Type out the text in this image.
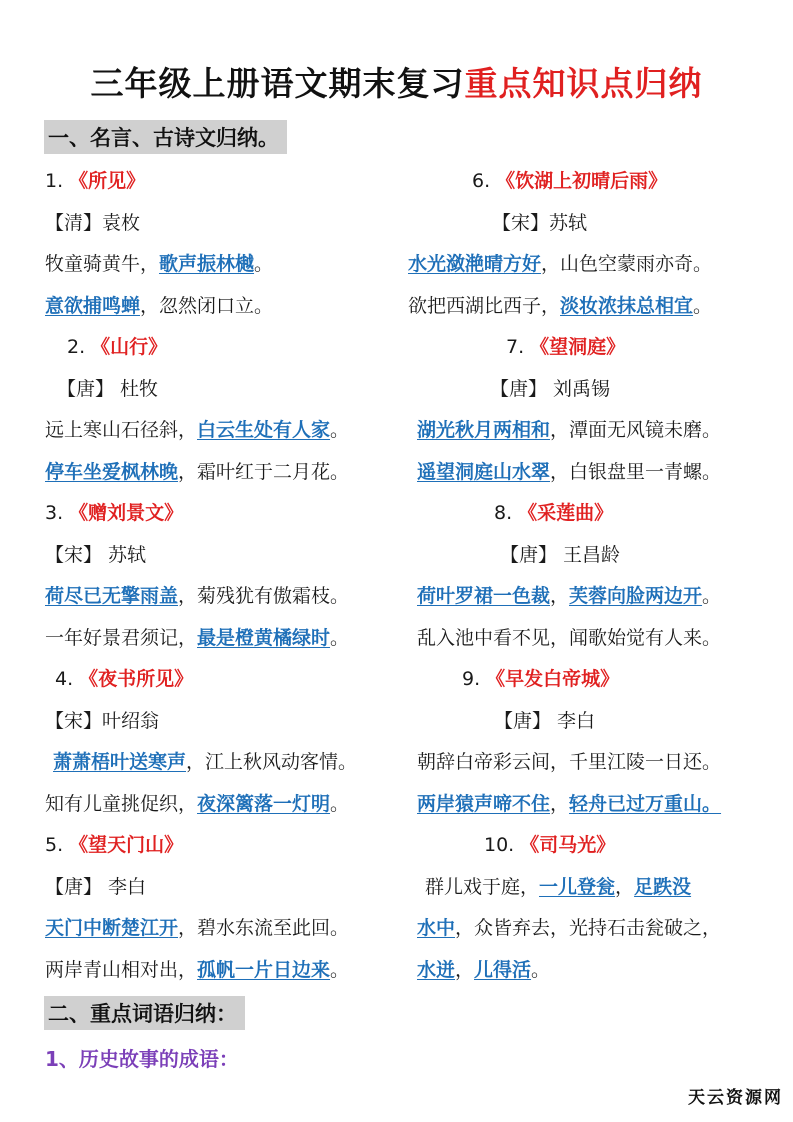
三年级上册语文期末复习重点知识点归纳
一、名言、古诗文归纳。
1. 《所见》
【清】袁枚
牧童骑黄牛，歌声振林樾。
意欲捕鸣蝉，忽然闭口立。
2. 《山行》
【唐】 杜牧
远上寒山石径斜，白云生处有人家。
停车坐爱枫林晚，霜叶红于二月花。
3. 《赠刘景文》
【宋】 苏轼
荷尽已无擎雨盖，菊残犹有傲霜枝。
一年好景君须记，最是橙黄橘绿时。
4. 《夜书所见》
【宋】叶绍翁
萧萧梧叶送寒声，江上秋风动客情。
知有儿童挑促织，夜深篱落一灯明。
5. 《望天门山》
【唐】 李白
天门中断楚江开，碧水东流至此回。
两岸青山相对出，孤帆一片日边来。
6. 《饮湖上初晴后雨》
【宋】苏轼
水光潋滟晴方好，山色空蒙雨亦奇。
欲把西湖比西子，淡妆浓抹总相宜。
7. 《望洞庭》
【唐】 刘禹锡
湖光秋月两相和，潭面无风镜未磨。
遥望洞庭山水翠，白银盘里一青螺。
8. 《采莲曲》
【唐】 王昌龄
荷叶罗裙一色裁，芙蓉向脸两边开。
乱入池中看不见，闻歌始觉有人来。
9. 《早发白帝城》
【唐】 李白
朝辞白帝彩云间，千里江陵一日还。
两岸猿声啼不住，轻舟已过万重山。
10. 《司马光》
群儿戏于庭，一儿登瓮，足跌没
水中，众皆弃去，光持石击瓮破之，
水迸，儿得活。
二、重点词语归纳：
1、历史故事的成语：
天云资源网
